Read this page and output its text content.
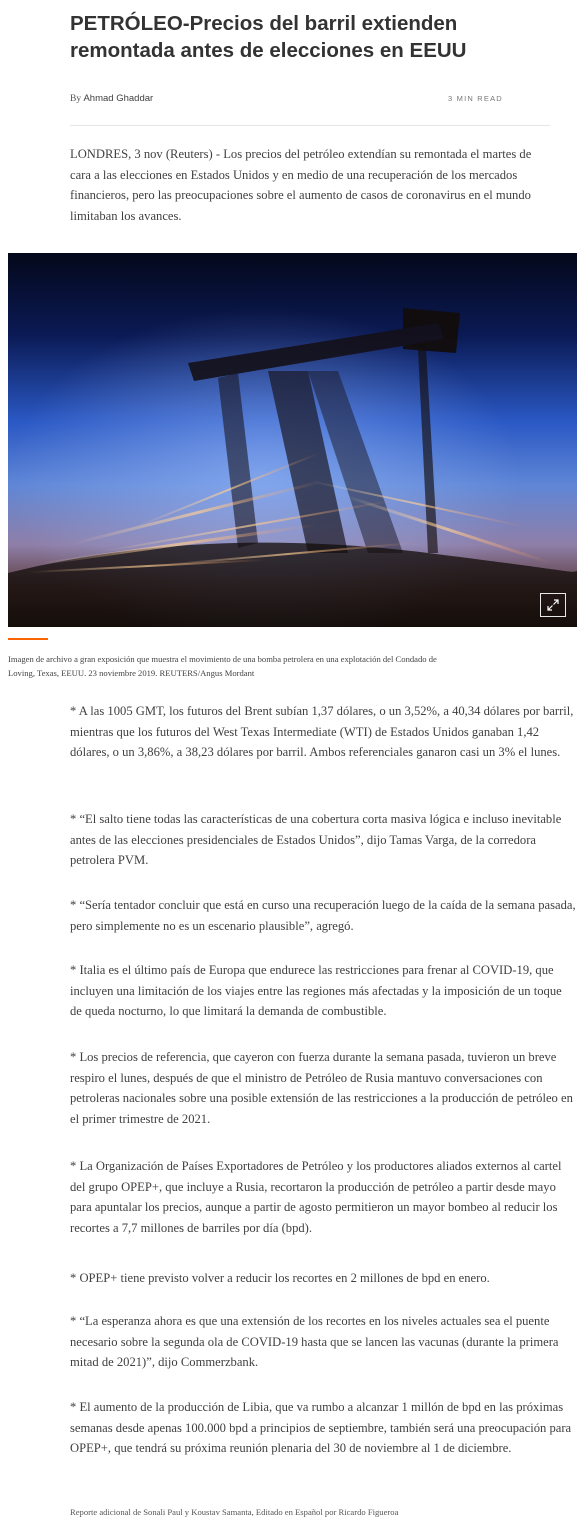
PETRÓLEO-Precios del barril extienden remontada antes de elecciones en EEUU
By Ahmad Ghaddar	3 MIN READ

LONDRES, 3 nov (Reuters) - Los precios del petróleo extendían su remontada el martes de cara a las elecciones en Estados Unidos y en medio de una recuperación de los mercados financieros, pero las preocupaciones sobre el aumento de casos de coronavirus en el mundo limitaban los avances.

Imagen de archivo a gran exposición que muestra el movimiento de una bomba petrolera en una explotación del Condado de Loving, Texas, EEUU. 23 noviembre 2019. REUTERS/Angus Mordant

* A las 1005 GMT, los futuros del Brent subían 1,37 dólares, o un 3,52%, a 40,34 dólares por barril, mientras que los futuros del West Texas Intermediate (WTI) de Estados Unidos ganaban 1,42 dólares, o un 3,86%, a 38,23 dólares por barril. Ambos referenciales ganaron casi un 3% el lunes.

* “El salto tiene todas las características de una cobertura corta masiva lógica e incluso inevitable antes de las elecciones presidenciales de Estados Unidos”, dijo Tamas Varga, de la corredora petrolera PVM.

* “Sería tentador concluir que está en curso una recuperación luego de la caída de la semana pasada, pero simplemente no es un escenario plausible”, agregó.

* Italia es el último país de Europa que endurece las restricciones para frenar al COVID-19, que incluyen una limitación de los viajes entre las regiones más afectadas y la imposición de un toque de queda nocturno, lo que limitará la demanda de combustible.

* Los precios de referencia, que cayeron con fuerza durante la semana pasada, tuvieron un breve respiro el lunes, después de que el ministro de Petróleo de Rusia mantuvo conversaciones con petroleras nacionales sobre una posible extensión de las restricciones a la producción de petróleo en el primer trimestre de 2021.

* La Organización de Países Exportadores de Petróleo y los productores aliados externos al cartel del grupo OPEP+, que incluye a Rusia, recortaron la producción de petróleo a partir desde mayo para apuntalar los precios, aunque a partir de agosto permitieron un mayor bombeo al reducir los recortes a 7,7 millones de barriles por día (bpd).

* OPEP+ tiene previsto volver a reducir los recortes en 2 millones de bpd en enero.

* “La esperanza ahora es que una extensión de los recortes en los niveles actuales sea el puente necesario sobre la segunda ola de COVID-19 hasta que se lancen las vacunas (durante la primera mitad de 2021)”, dijo Commerzbank.

* El aumento de la producción de Libia, que va rumbo a alcanzar 1 millón de bpd en las próximas semanas desde apenas 100.000 bpd a principios de septiembre, también será una preocupación para OPEP+, que tendrá su próxima reunión plenaria del 30 de noviembre al 1 de diciembre.

Reporte adicional de Sonali Paul y Koustav Samanta, Editado en Español por Ricardo Figueroa
